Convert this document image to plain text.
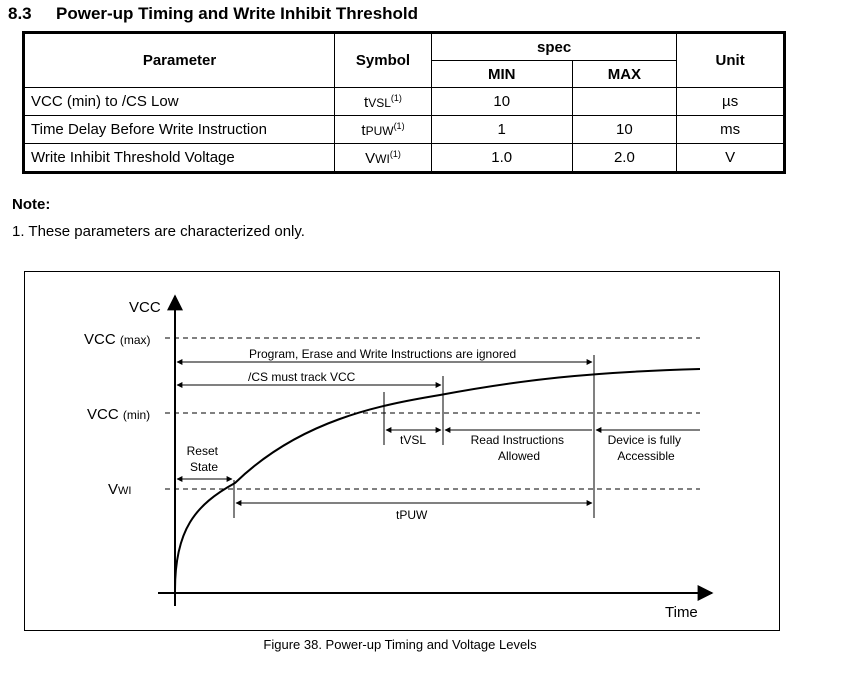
8.3 Power-up Timing and Write Inhibit Threshold
Parameter	Symbol	spec		Unit
		MIN	MAX	
VCC (min) to /CS Low	tVSL$^{(1)}$	10		µs
Time Delay Before Write Instruction	tPUW$^{(1)}$	1	10	ms
Write Inhibit Threshold Voltage	VWI$^{(1)}$	1.0	2.0	V
Note:
1. These parameters are characterized only.
VCC
Time
VCC (max)
VCC (min)
VWI
Program, Erase and Write Instructions are ignored
/CS must track VCC
tVSL	Read Instructions Allowed
Device is fully Accessible
Reset State
tPUW
Figure 38. Power-up Timing and Voltage Levels
